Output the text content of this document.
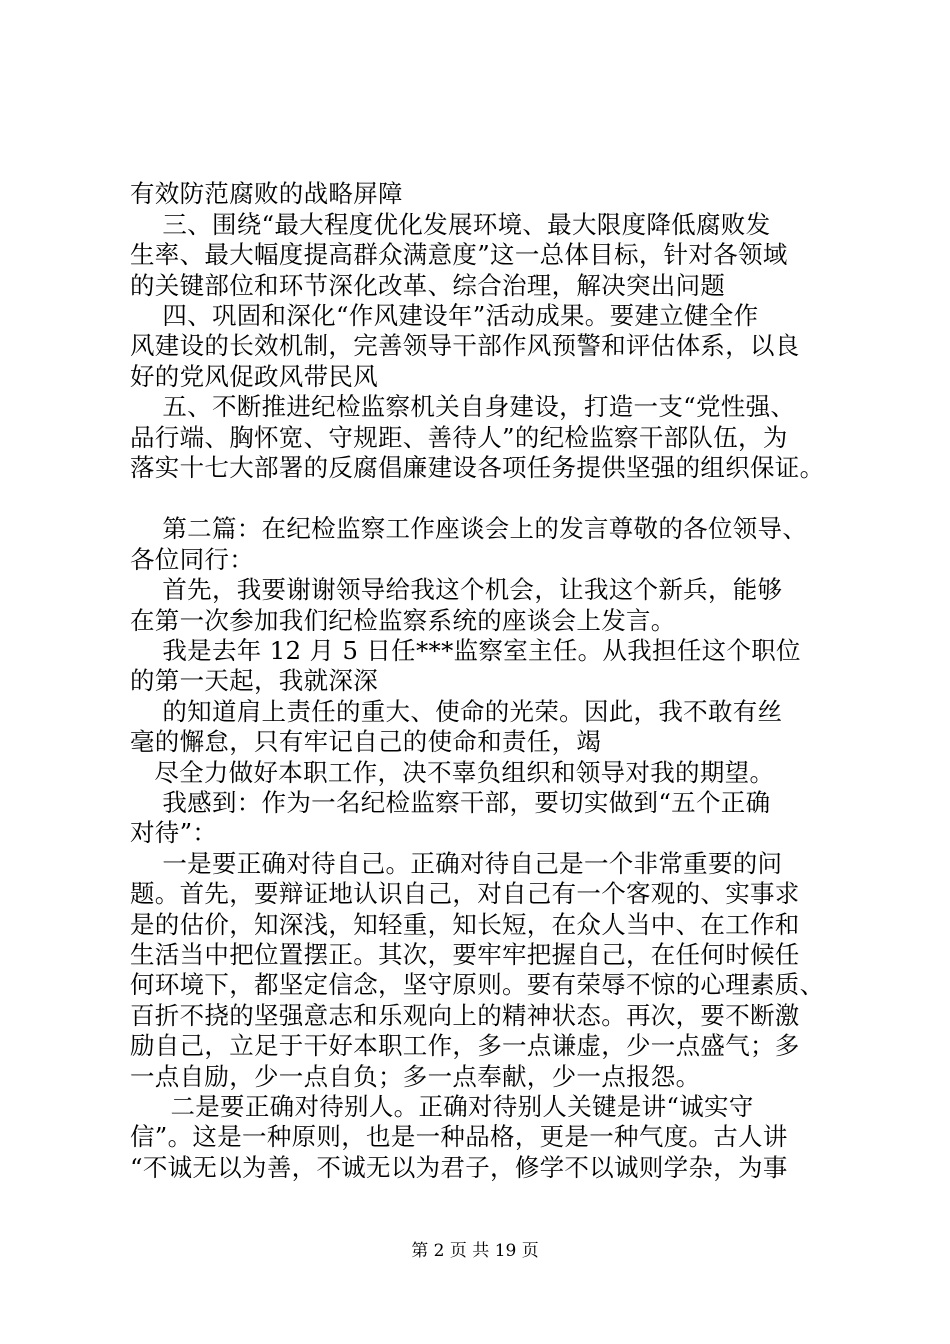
有效防范腐败的战略屏障
三、围绕“最大程度优化发展环境、最大限度降低腐败发
生率、最大幅度提高群众满意度”这一总体目标，针对各领域
的关键部位和环节深化改革、综合治理，解决突出问题
四、巩固和深化“作风建设年”活动成果。要建立健全作
风建设的长效机制，完善领导干部作风预警和评估体系，以良
好的党风促政风带民风
五、不断推进纪检监察机关自身建设，打造一支“党性强、
品行端、胸怀宽、守规距、善待人”的纪检监察干部队伍，为
落实十七大部署的反腐倡廉建设各项任务提供坚强的组织保证。
第二篇：在纪检监察工作座谈会上的发言尊敬的各位领导、
各位同行：
首先，我要谢谢领导给我这个机会，让我这个新兵，能够
在第一次参加我们纪检监察系统的座谈会上发言。
我是去年 12 月 5 日任***监察室主任。从我担任这个职位
的第一天起，我就深深
的知道肩上责任的重大、使命的光荣。因此，我不敢有丝
毫的懈怠，只有牢记自己的使命和责任，竭
尽全力做好本职工作，决不辜负组织和领导对我的期望。
我感到：作为一名纪检监察干部，要切实做到“五个正确
对待”：
一是要正确对待自己。正确对待自己是一个非常重要的问
题。首先，要辩证地认识自己，对自己有一个客观的、实事求
是的估价，知深浅，知轻重，知长短，在众人当中、在工作和
生活当中把位置摆正。其次，要牢牢把握自己，在任何时候任
何环境下，都坚定信念，坚守原则。要有荣辱不惊的心理素质、
百折不挠的坚强意志和乐观向上的精神状态。再次，要不断激
励自己，立足于干好本职工作，多一点谦虚，少一点盛气；多
一点自励，少一点自负；多一点奉献，少一点报怨。
二是要正确对待别人。正确对待别人关键是讲“诚实守
信”。这是一种原则，也是一种品格，更是一种气度。古人讲
“不诚无以为善，不诚无以为君子，修学不以诚则学杂，为事
第 2 页 共 19 页
